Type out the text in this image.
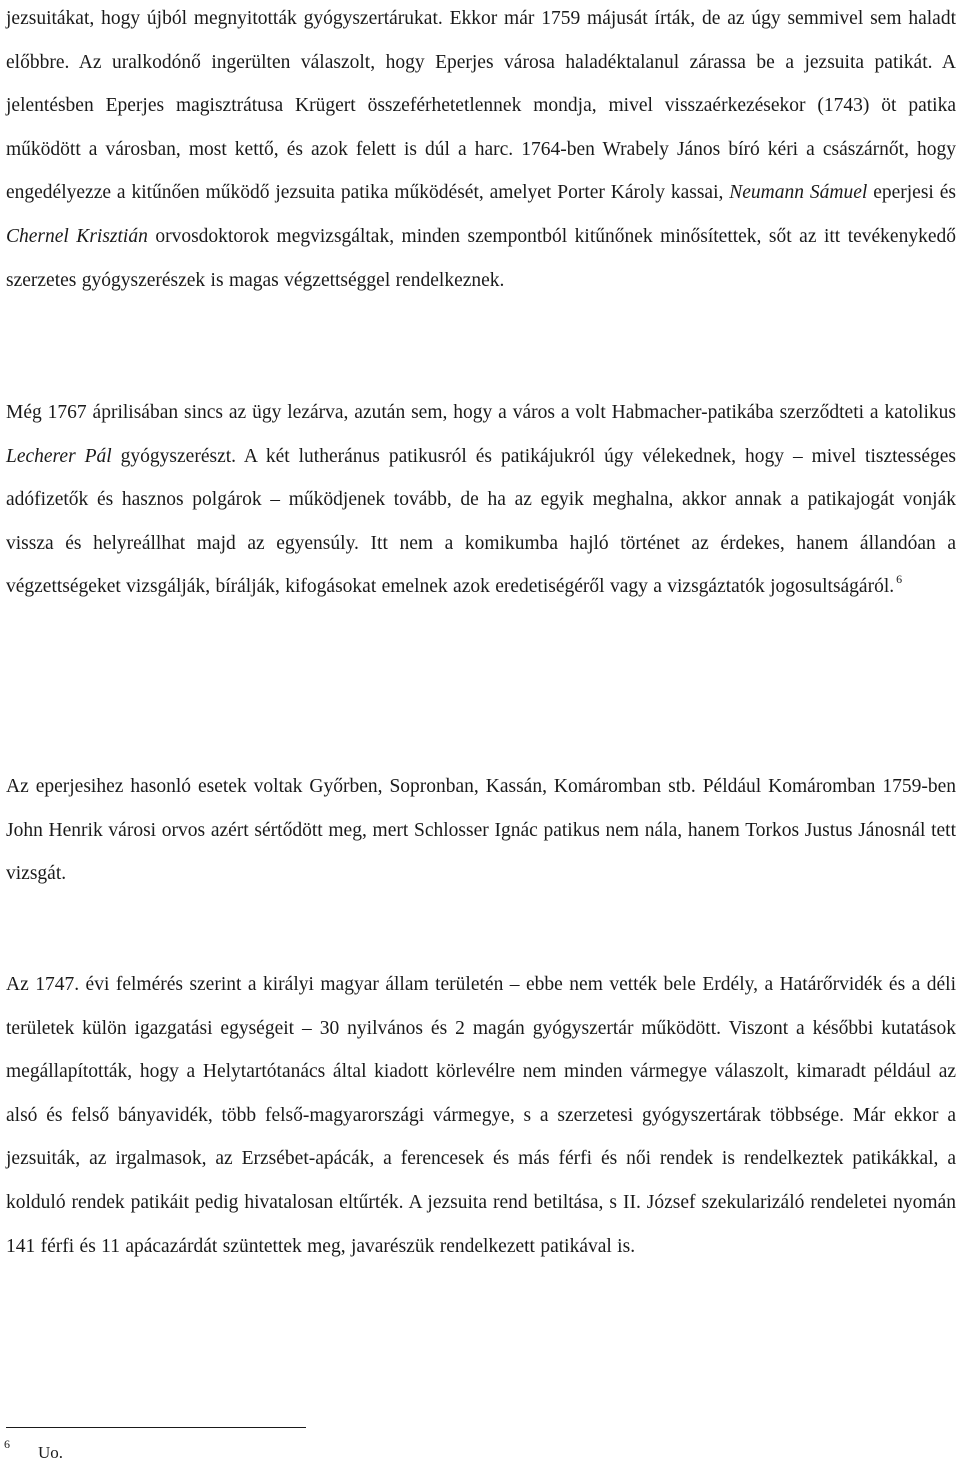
jezsuitákat, hogy újból megnyitották gyógyszertárukat. Ekkor már 1759 májusát írták, de az úgy semmivel sem haladt előbbre. Az uralkodónő ingerülten válaszolt, hogy Eperjes városa haladéktalanul zárassa be a jezsuita patikát. A jelentésben Eperjes magisztrátusa Krügert összeférhetetlennek mondja, mivel visszaérkezésekor (1743) öt patika működött a városban, most kettő, és azok felett is dúl a harc. 1764-ben Wrabely János bíró kéri a császárnőt, hogy engedélyezze a kitűnően működő jezsuita patika működését, amelyet Porter Károly kassai, Neumann Sámuel eperjesi és Chernel Krisztián orvosdoktorok megvizsgáltak, minden szempontból kitűnőnek minősítettek, sőt az itt tevékenykedő szerzetes gyógyszerészek is magas végzettséggel rendelkeznek.

Még 1767 áprilisában sincs az ügy lezárva, azután sem, hogy a város a volt Habmacher-patikába szerződteti a katolikus Lecherer Pál gyógyszerészt. A két lutheránus patikusról és patikájukról úgy vélekednek, hogy – mivel tisztességes adófizetők és hasznos polgárok – működjenek tovább, de ha az egyik meghalna, akkor annak a patikajogát vonják vissza és helyreállhat majd az egyensúly. Itt nem a komikumba hajló történet az érdekes, hanem állandóan a végzettségeket vizsgálják, bírálják, kifogásokat emelnek azok eredetiségéről vagy a vizsgáztatók jogosultságáról. $^6$

Az eperjesihez hasonló esetek voltak Győrben, Sopronban, Kassán, Komáromban stb. Például Komáromban 1759-ben John Henrik városi orvos azért sértődött meg, mert Schlosser Ignác patikus nem nála, hanem Torkos Justus Jánosnál tett vizsgát.

Az 1747. évi felmérés szerint a királyi magyar állam területén – ebbe nem vették bele Erdély, a Határőrvidék és a déli területek külön igazgatási egységeit – 30 nyilvános és 2 magán gyógyszertár működött. Viszont a későbbi kutatások megállapították, hogy a Helytartótanács által kiadott körlevélre nem minden vármegye válaszolt, kimaradt például az alsó és felső bányavidék, több felső-magyarországi vármegye, s a szerzetesi gyógyszertárak többsége. Már ekkor a jezsuiták, az irgalmasok, az Erzsébet-apácák, a ferencesek és más férfi és női rendek is rendelkeztek patikákkal, a kolduló rendek patikáit pedig hivatalosan eltűrték. A jezsuita rend betiltása, s II. József szekularizáló rendeletei nyomán 141 férfi és 11 apácazárdát szüntettek meg, javarészük rendelkezett patikával is.

6 Uo.
